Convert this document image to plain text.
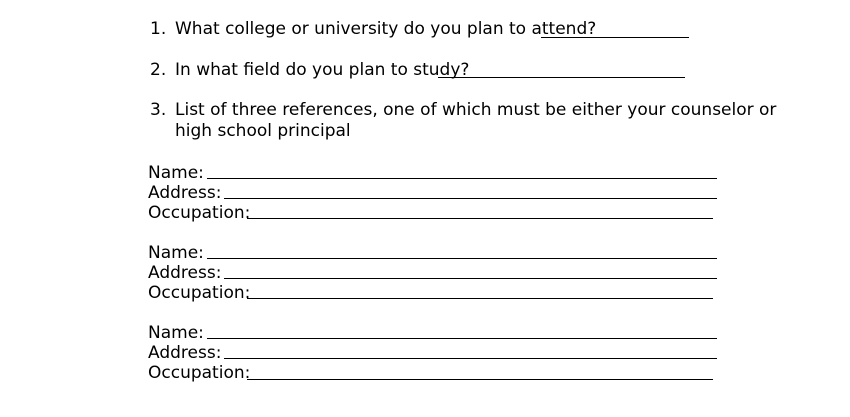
1. What college or university do you plan to attend?
2. In what field do you plan to study?
3. List of three references, one of which must be either your counselor or
high school principal
Name:
Address:
Occupation:
Name:
Address:
Occupation:
Name:
Address:
Occupation:
